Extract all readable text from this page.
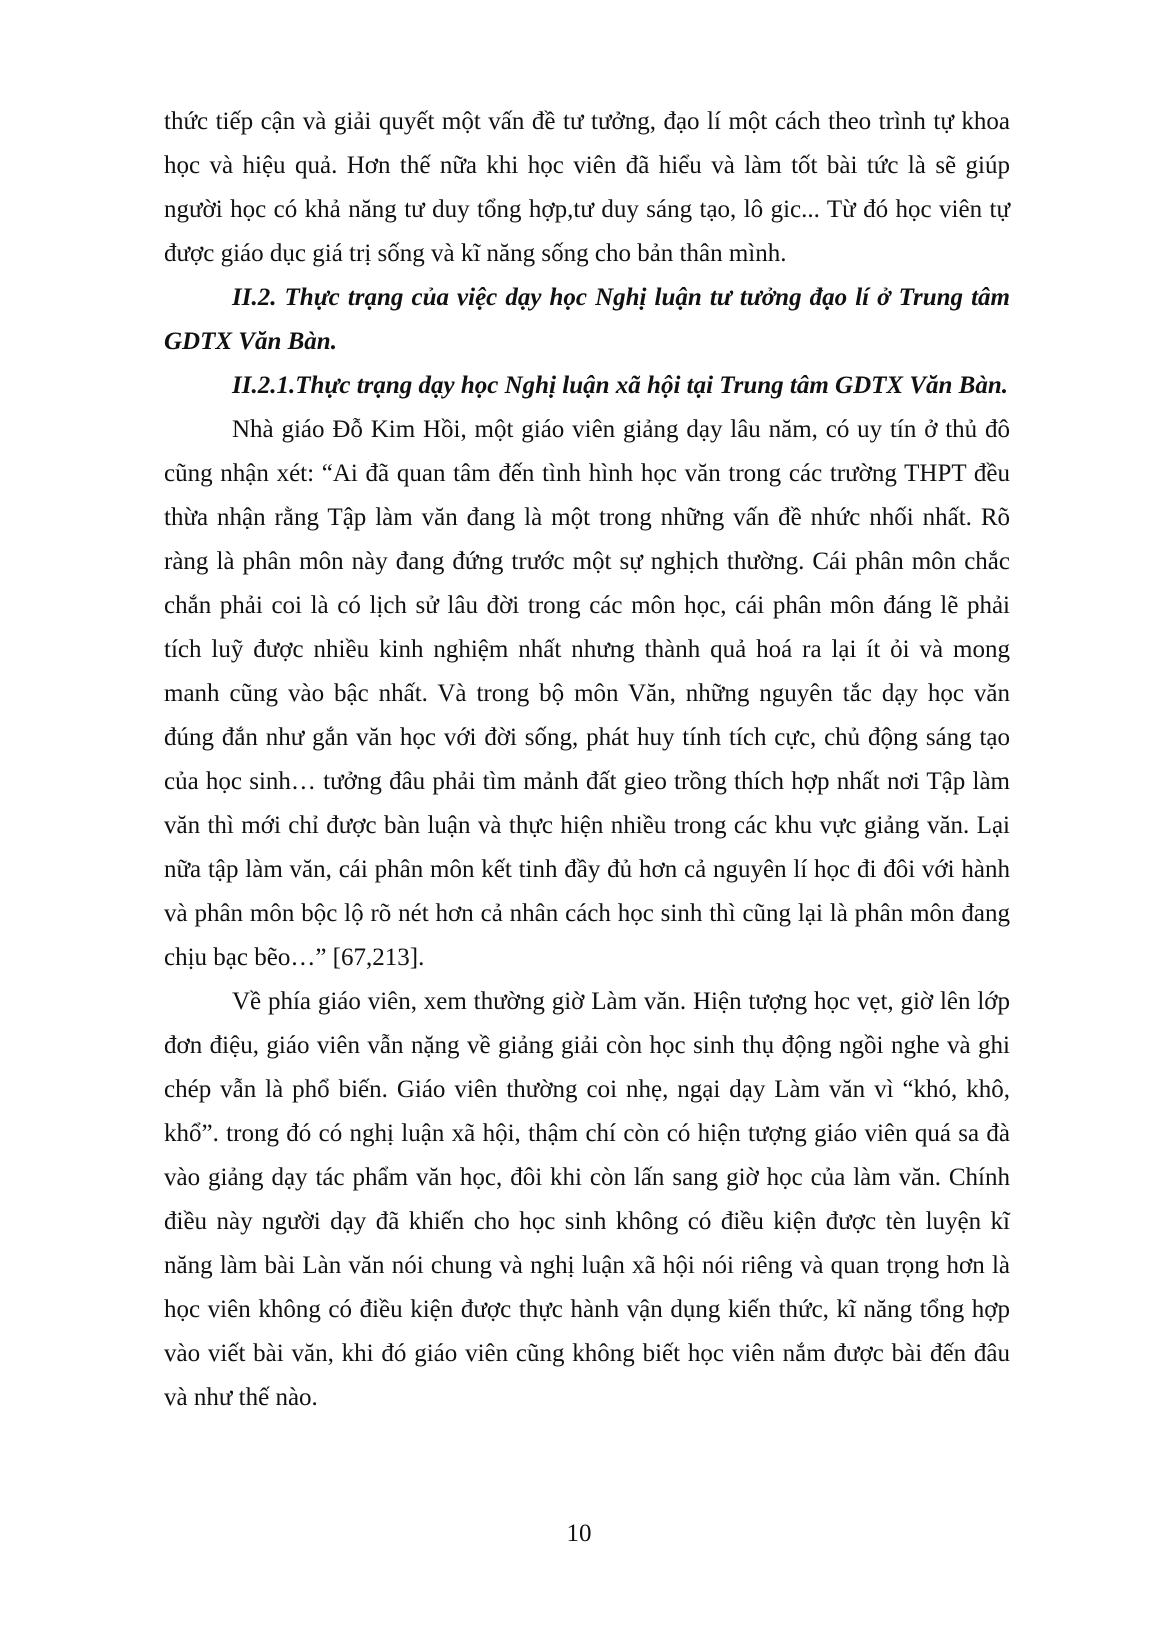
thức tiếp cận và giải quyết một vấn đề tư tưởng, đạo lí một cách theo trình tự khoa học và hiệu quả. Hơn thế nữa khi học viên đã hiểu và làm tốt bài tức là sẽ giúp người học có khả năng tư duy tổng hợp,tư duy sáng tạo, lô gic... Từ đó học viên tự được giáo dục giá trị sống và kĩ năng sống cho bản thân mình.

II.2. Thực trạng của việc dạy học Nghị luận tư tưởng đạo lí ở Trung tâm GDTX Văn Bàn.

II.2.1.Thực trạng dạy học Nghị luận xã hội tại Trung tâm GDTX Văn Bàn.

Nhà giáo Đỗ Kim Hồi, một giáo viên giảng dạy lâu năm, có uy tín ở thủ đô cũng nhận xét: “Ai đã quan tâm đến tình hình học văn trong các trường THPT đều thừa nhận rằng Tập làm văn đang là một trong những vấn đề nhức nhối nhất. Rõ ràng là phân môn này đang đứng trước một sự nghịch thường. Cái phân môn chắc chắn phải coi là có lịch sử lâu đời trong các môn học, cái phân môn đáng lẽ phải tích luỹ được nhiều kinh nghiệm nhất nhưng thành quả hoá ra lại ít ỏi và mong manh cũng vào bậc nhất. Và trong bộ môn Văn, những nguyên tắc dạy học văn đúng đắn như gắn văn học với đời sống, phát huy tính tích cực, chủ động sáng tạo của học sinh… tưởng đâu phải tìm mảnh đất gieo trồng thích hợp nhất nơi Tập làm văn thì mới chỉ được bàn luận và thực hiện nhiều trong các khu vực giảng văn. Lại nữa tập làm văn, cái phân môn kết tinh đầy đủ hơn cả nguyên lí học đi đôi với hành và phân môn bộc lộ rõ nét hơn cả nhân cách học sinh thì cũng lại là phân môn đang chịu bạc bẽo…” [67,213].

Về phía giáo viên, xem thường giờ Làm văn. Hiện tượng học vẹt, giờ lên lớp đơn điệu, giáo viên vẫn nặng về giảng giải còn học sinh thụ động ngồi nghe và ghi chép vẫn là phổ biến. Giáo viên thường coi nhẹ, ngại dạy Làm văn vì “khó, khô, khổ”. trong đó có nghị luận xã hội, thậm chí còn có hiện tượng giáo viên quá sa đà vào giảng dạy tác phẩm văn học, đôi khi còn lấn sang giờ học của làm văn. Chính điều này người dạy đã khiến cho học sinh không có điều kiện được tèn luyện kĩ năng làm bài Làn văn nói chung và nghị luận xã hội nói riêng và quan trọng hơn là học viên không có điều kiện được thực hành vận dụng kiến thức, kĩ năng tổng hợp vào viết bài văn, khi đó giáo viên cũng không biết học viên nắm được bài đến đâu và như thế nào.

10
